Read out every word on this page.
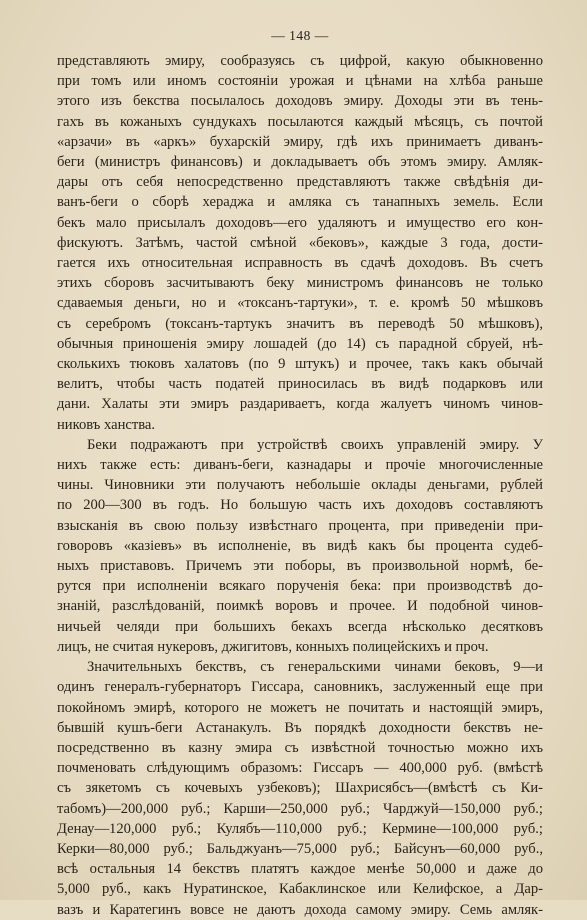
— 148 —
представляють эмиру, сообразуясь съ цифрой, какую обыкновенно
при томъ или иномъ состояніи урожая и цѣнами на хлѣба раньше
этого изъ бекства посылалось доходовъ эмиру. Доходы эти въ тень-
гахъ въ кожаныхъ сундукахъ посылаются каждый мѣсяцъ, съ почтой
«арзачи» въ «аркъ» бухарскій эмиру, гдѣ ихъ принимаетъ диванъ-
беги (министръ финансовъ) и докладываетъ объ этомъ эмиру. Амляк-
дары отъ себя непосредственно представляютъ также свѣдѣнія ди-
ванъ-беги о сборѣ хераджа и амляка съ танапныхъ земель. Если
бекъ мало присылалъ доходовъ—его удаляютъ и имущество его кон-
фискуютъ. Затѣмъ, частой смѣной «бековъ», каждые 3 года, дости-
гается ихъ относительная исправность въ сдачѣ доходовъ. Въ счетъ
этихъ сборовъ засчитываютъ беку министромъ финансовъ не только
сдаваемыя деньги, но и «токсанъ-тартуки», т. е. кромѣ 50 мѣшковъ
съ серебромъ (токсанъ-тартукъ значитъ въ переводѣ 50 мѣшковъ),
обычныя приношенія эмиру лошадей (до 14) съ парадной сбруей, нѣ-
сколькихъ тюковъ халатовъ (по 9 штукъ) и прочее, такъ какъ обычай
велитъ, чтобы часть податей приносилась въ видѣ подарковъ или
дани. Халаты эти эмиръ раздариваетъ, когда жалуетъ чиномъ чинов-
никовъ ханства.
Беки подражаютъ при устройствѣ своихъ управленій эмиру. У
нихъ также есть: диванъ-беги, казнадары и прочіе многочисленные
чины. Чиновники эти получаютъ небольшіе оклады деньгами, рублей
по 200—300 въ годъ. Но большую часть ихъ доходовъ составляютъ
взысканія въ свою пользу извѣстнаго процента, при приведеніи при-
говоровъ «казіевъ» въ исполненіе, въ видѣ какъ бы процента судеб-
ныхъ приставовъ. Причемъ эти поборы, въ произвольной нормѣ, бе-
рутся при исполненіи всякаго порученія бека: при производствѣ до-
знаній, разслѣдованій, поимкѣ воровъ и прочее. И подобной чинов-
ничьей челяди при большихъ бекахъ всегда нѣсколько десятковъ
лицъ, не считая нукеровъ, джигитовъ, конныхъ полицейскихъ и проч.
Значительныхъ бекствъ, съ генеральскими чинами бековъ, 9—и
одинъ генералъ-губернаторъ Гиссара, сановникъ, заслуженный еще при
покойномъ эмирѣ, которого не можетъ не почитать и настоящій эмиръ,
бывшій кушъ-беги Астанакулъ. Въ порядкѣ доходности бекствъ не-
посредственно въ казну эмира съ извѣстной точностью можно ихъ
почменовать слѣдующимъ образомъ: Гиссаръ — 400,000 руб. (вмѣстѣ
съ зякетомъ съ кочевыхъ узбековъ); Шахрисябсъ—(вмѣстѣ съ Ки-
табомъ)—200,000 руб.; Карши—250,000 руб.; Чарджуй—150,000 руб.;
Денау—120,000 руб.; Кулябъ—110,000 руб.; Кермине—100,000 руб.;
Керки—80,000 руб.; Бальджуанъ—75,000 руб.; Байсунъ—60,000 руб.,
всѣ остальныя 14 бекствъ платятъ каждое менѣе 50,000 и даже до
5,000 руб., какъ Нуратинское, Кабаклинское или Келифское, а Дар-
вазъ и Каратегинъ вовсе не даютъ дохода самому эмиру. Семь амляк-
